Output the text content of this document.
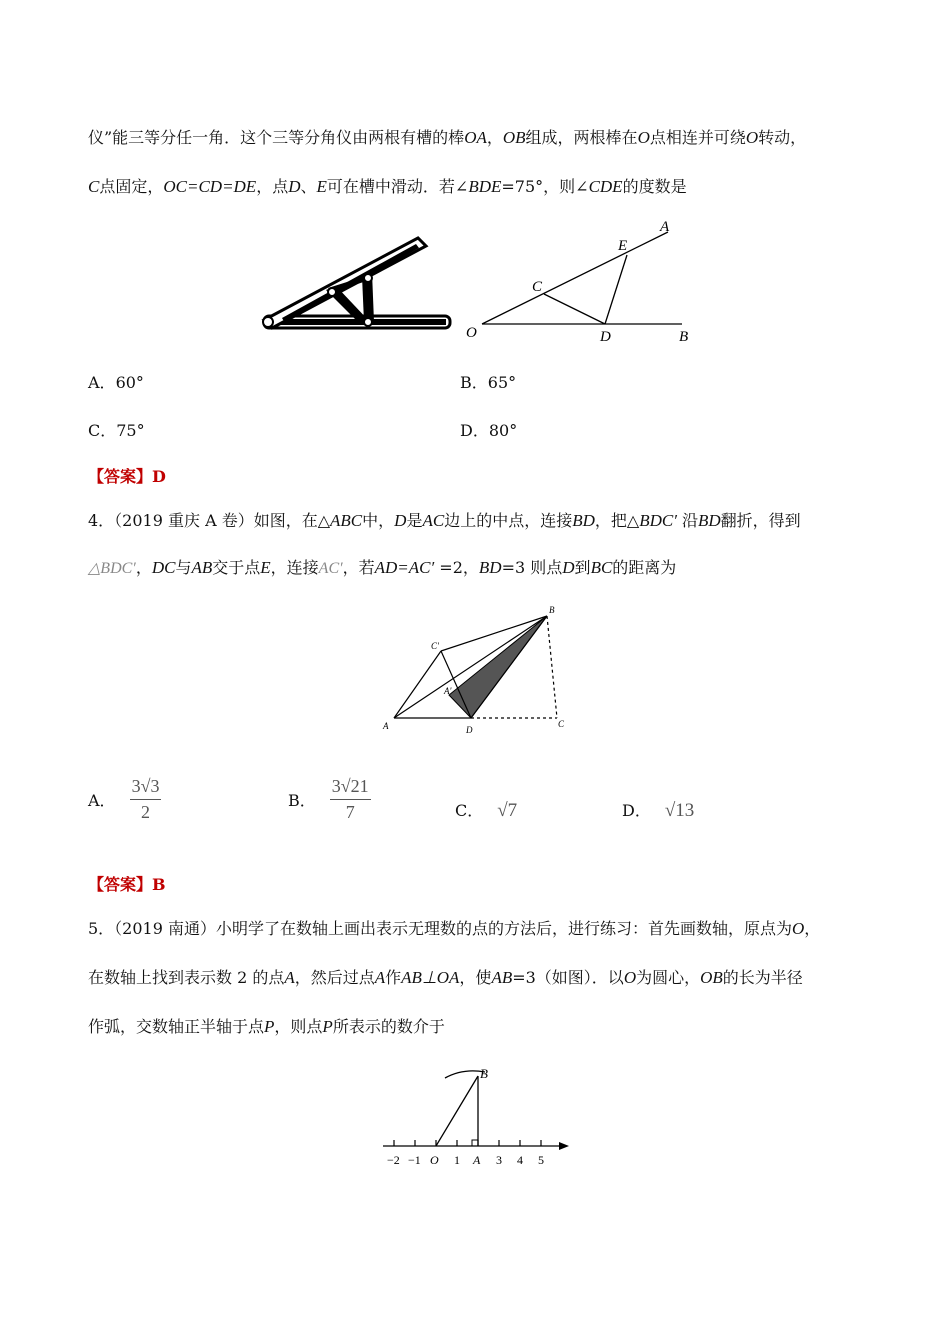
仪”能三等分任一角．这个三等分角仪由两根有槽的棒OA，OB组成，两根棒在O点相连并可绕O转动，
C点固定，OC=CD=DE，点D、E可在槽中滑动．若∠BDE=75°，则∠CDE的度数是
A
E
C
O	D	B
A．60°	B．65°
C．75°	D．80°
【答案】D
4．（2019 重庆 A 卷）如图，在△ABC中，D是AC边上的中点，连接BD，把△BDC′ 沿BD翻折，得到
△BDC′，DC与AB交于点E，连接AC′，若AD=AC′ =2，BD=3 则点D到BC的距离为
B
C'
A'
A	D
C
A． $\frac{3√3}{2}$	B． $\frac{3√21}{7}$	C． √7	D． √13
【答案】B
5．（2019 南通）小明学了在数轴上画出表示无理数的点的方法后，进行练习：首先画数轴，原点为O，
在数轴上找到表示数 2 的点A，然后过点A作AB⊥OA，使AB=3（如图）．以O为圆心，OB的长为半径
作弧，交数轴正半轴于点P，则点P所表示的数介于
B
−2 −1 O 1 A 3 4 5
